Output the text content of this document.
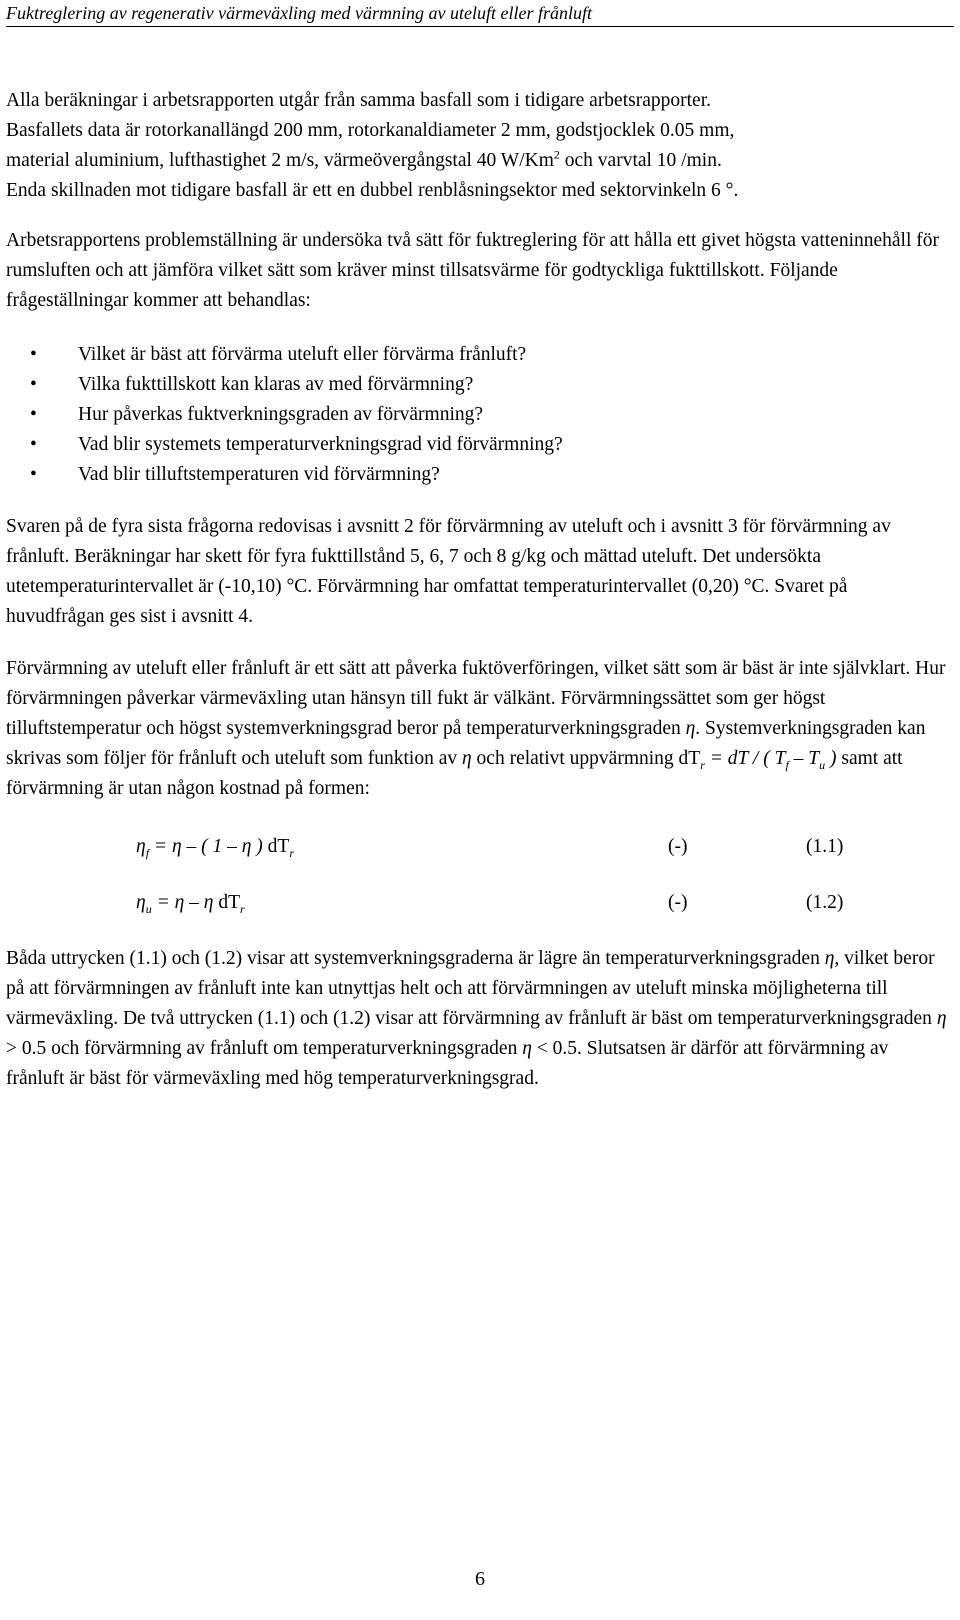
Fuktreglering av regenerativ värmeväxling med värmning av uteluft eller frånluft

Alla beräkningar i arbetsrapporten utgår från samma basfall som i tidigare arbetsrapporter.

Basfallets data är rotorkanallängd 200 mm, rotorkanaldiameter 2 mm, godstjocklek 0.05 mm,

material aluminium, lufthastighet 2 m/s, värmeövergångstal 40 W/Km$^2$ och varvtal 10 /min.

Enda skillnaden mot tidigare basfall är ett en dubbel renblåsningsektor med sektorvinkeln 6 °.

Arbetsrapportens problemställning är undersöka två sätt för fuktreglering för att hålla ett givet högsta vatteninnehåll för rumsluften och att jämföra vilket sätt som kräver minst tillsatsvärme för godtyckliga fukttillskott. Följande frågeställningar kommer att behandlas:

• Vilket är bäst att förvärma uteluft eller förvärma frånluft?
• Vilka fukttillskott kan klaras av med förvärmning?
• Hur påverkas fuktverkningsgraden av förvärmning?
• Vad blir systemets temperaturverkningsgrad vid förvärmning?
• Vad blir tilluftstemperaturen vid förvärmning?

Svaren på de fyra sista frågorna redovisas i avsnitt 2 för förvärmning av uteluft och i avsnitt 3 för förvärmning av frånluft. Beräkningar har skett för fyra fukttillstånd 5, 6, 7 och 8 g/kg och mättad uteluft. Det undersökta utetemperaturintervallet är (-10,10) °C. Förvärmning har omfattat temperaturintervallet (0,20) °C. Svaret på huvudfrågan ges sist i avsnitt 4.

Förvärmning av uteluft eller frånluft är ett sätt att påverka fuktöverföringen, vilket sätt som är bäst är inte självklart. Hur förvärmningen påverkar värmeväxling utan hänsyn till fukt är välkänt. Förvärmningssättet som ger högst tilluftstemperatur och högst systemverkningsgrad beror på temperaturverkningsgraden η. Systemverkningsgraden kan skrivas som följer för frånluft och uteluft som funktion av η och relativt uppvärmning $dT_r$ = dT / ( $T_f - T_u$ ) samt att förvärmning är utan någon kostnad på formen:

$\eta_f = \eta$ – ( 1 – η ) $dT_r$	(-)	(1.1)
$\eta_u = \eta - \eta$ $dT_r$	(-)	(1.2)

Båda uttrycken (1.1) och (1.2) visar att systemverkningsgraderna är lägre än temperaturverkningsgraden η, vilket beror på att förvärmningen av frånluft inte kan utnyttjas helt och att förvärmningen av uteluft minska möjligheterna till värmeväxling. De två uttrycken (1.1) och (1.2) visar att förvärmning av frånluft är bäst om temperaturverkningsgraden η > 0.5 och förvärmning av frånluft om temperaturverkningsgraden η < 0.5. Slutsatsen är därför att förvärmning av frånluft är bäst för värmeväxling med hög temperaturverkningsgrad.

6
